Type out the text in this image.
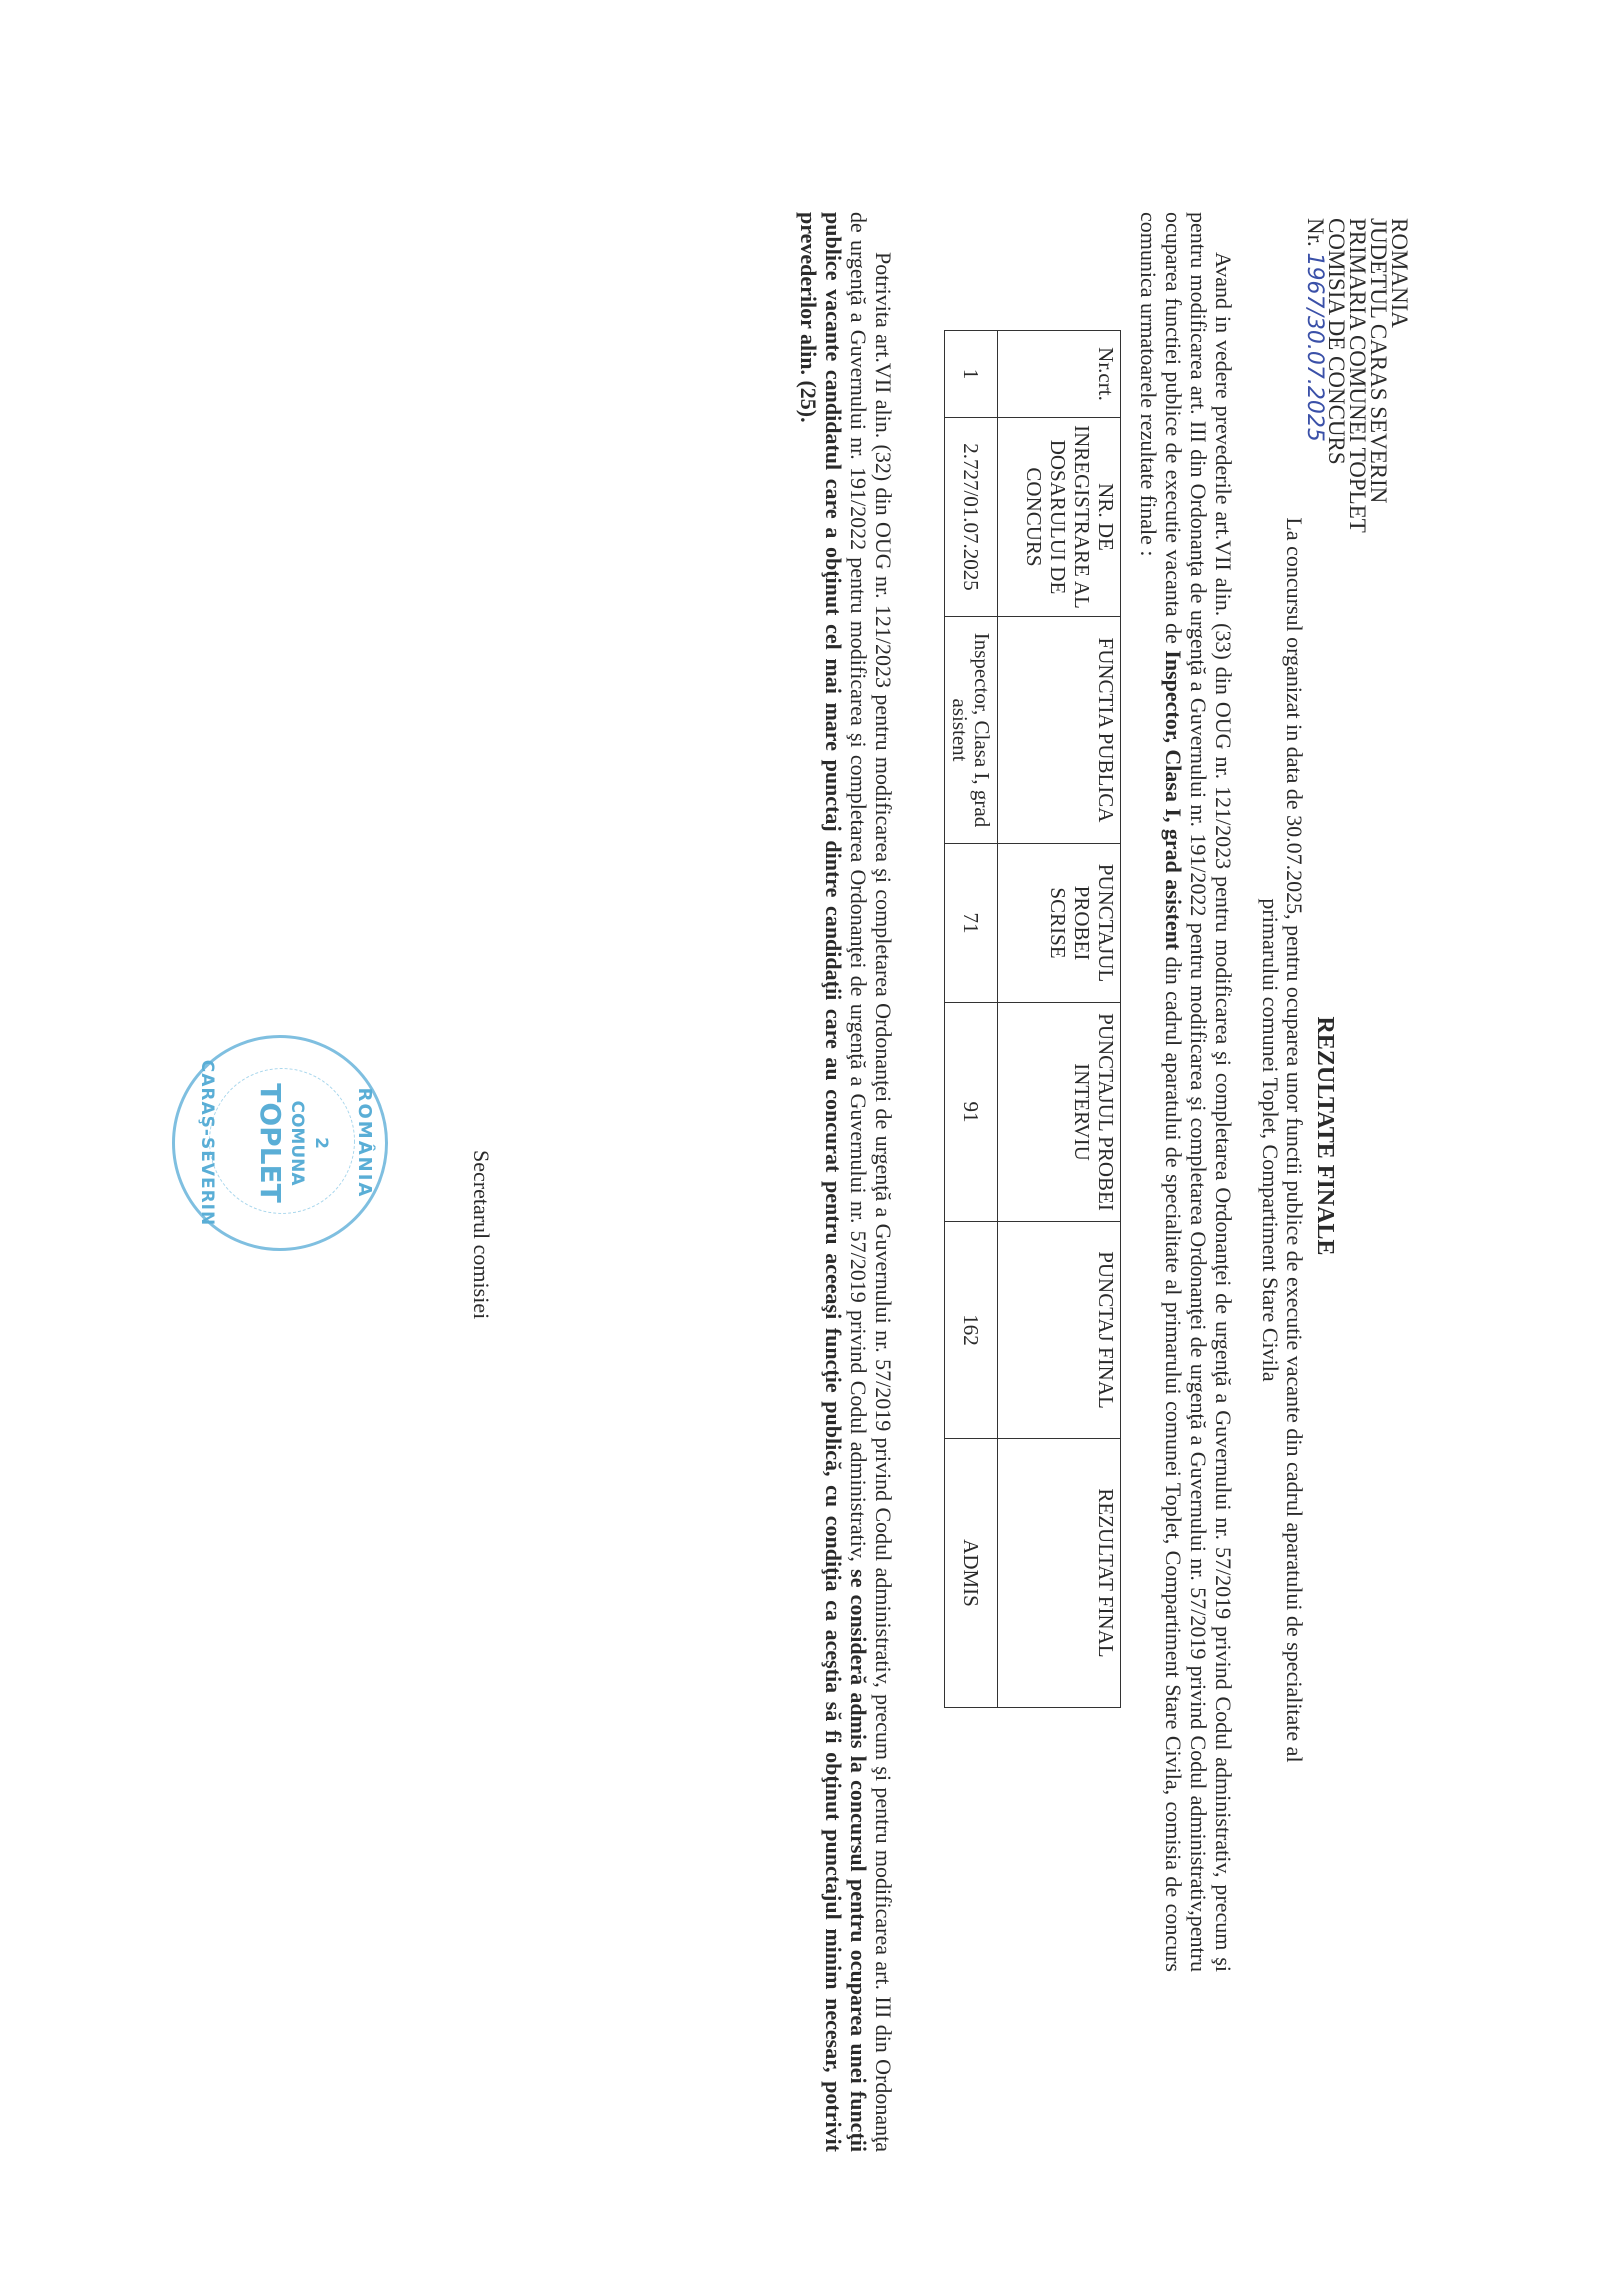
ROMANIA
JUDETUL CARAS SEVERIN
PRIMARIA COMUNEI TOPLET
COMISIA DE CONCURS
Nr. 1967/30.07.2025
REZULTATE FINALE
La concursul organizat in data de 30.07.2025, pentru ocuparea unor functii publice de executie vacante din cadrul aparatului de specialitate al primarului comunei Toplet, Compartiment Stare Civila
Avand in vedere prevederile art.VII alin. (33) din OUG nr. 121/2023 pentru modificarea şi completarea Ordonanţei de urgenţă a Guvernului nr. 57/2019 privind Codul administrativ, precum şi pentru modificarea art. III din Ordonanţa de urgenţă a Guvernului nr. 191/2022 pentru modificarea şi completarea Ordonanţei de urgenţă a Guvernului nr. 57/2019 privind Codul administrativ,pentru ocuparea functiei publice de executie vacanta de Inspector, Clasa I, grad asistent din cadrul aparatului de specialitate al primarului comunei Toplet, Compartiment Stare Civila, comisia de concurs comunica urmatoarele rezultate finale :
Nr.crt.	NR. DE INREGISTRARE AL DOSARULUI DE CONCURS	FUNCTIA PUBLICA	PUNCTAJUL PROBEI SCRISE	PUNCTAJUL PROBEI INTERVIU	PUNCTAJ FINAL	REZULTAT FINAL
1	2.727/01.07.2025	Inspector, Clasa I, grad asistent	71	91	162	ADMIS
Potrivita art.VII alin. (32) din OUG nr. 121/2023 pentru modificarea şi completarea Ordonanţei de urgenţă a Guvernului nr. 57/2019 privind Codul administrativ, precum şi pentru modificarea art. III din Ordonanţa de urgenţă a Guvernului nr. 191/2022 pentru modificarea şi completarea Ordonanţei de urgenţă a Guvernului nr. 57/2019 privind Codul administrativ, se consideră admis la concursul pentru ocuparea unei funcţii publice vacante candidatul care a obţinut cel mai mare punctaj dintre candidaţii care au concurat pentru aceeaşi funcţie publică, cu condiţia ca aceştia să fi obţinut punctajul minim necesar, potrivit prevederilor alin. (25).
Secretarul comisiei
ROMÂNIA
2
COMUNA
TOPLET
CARAŞ-SEVERIN
